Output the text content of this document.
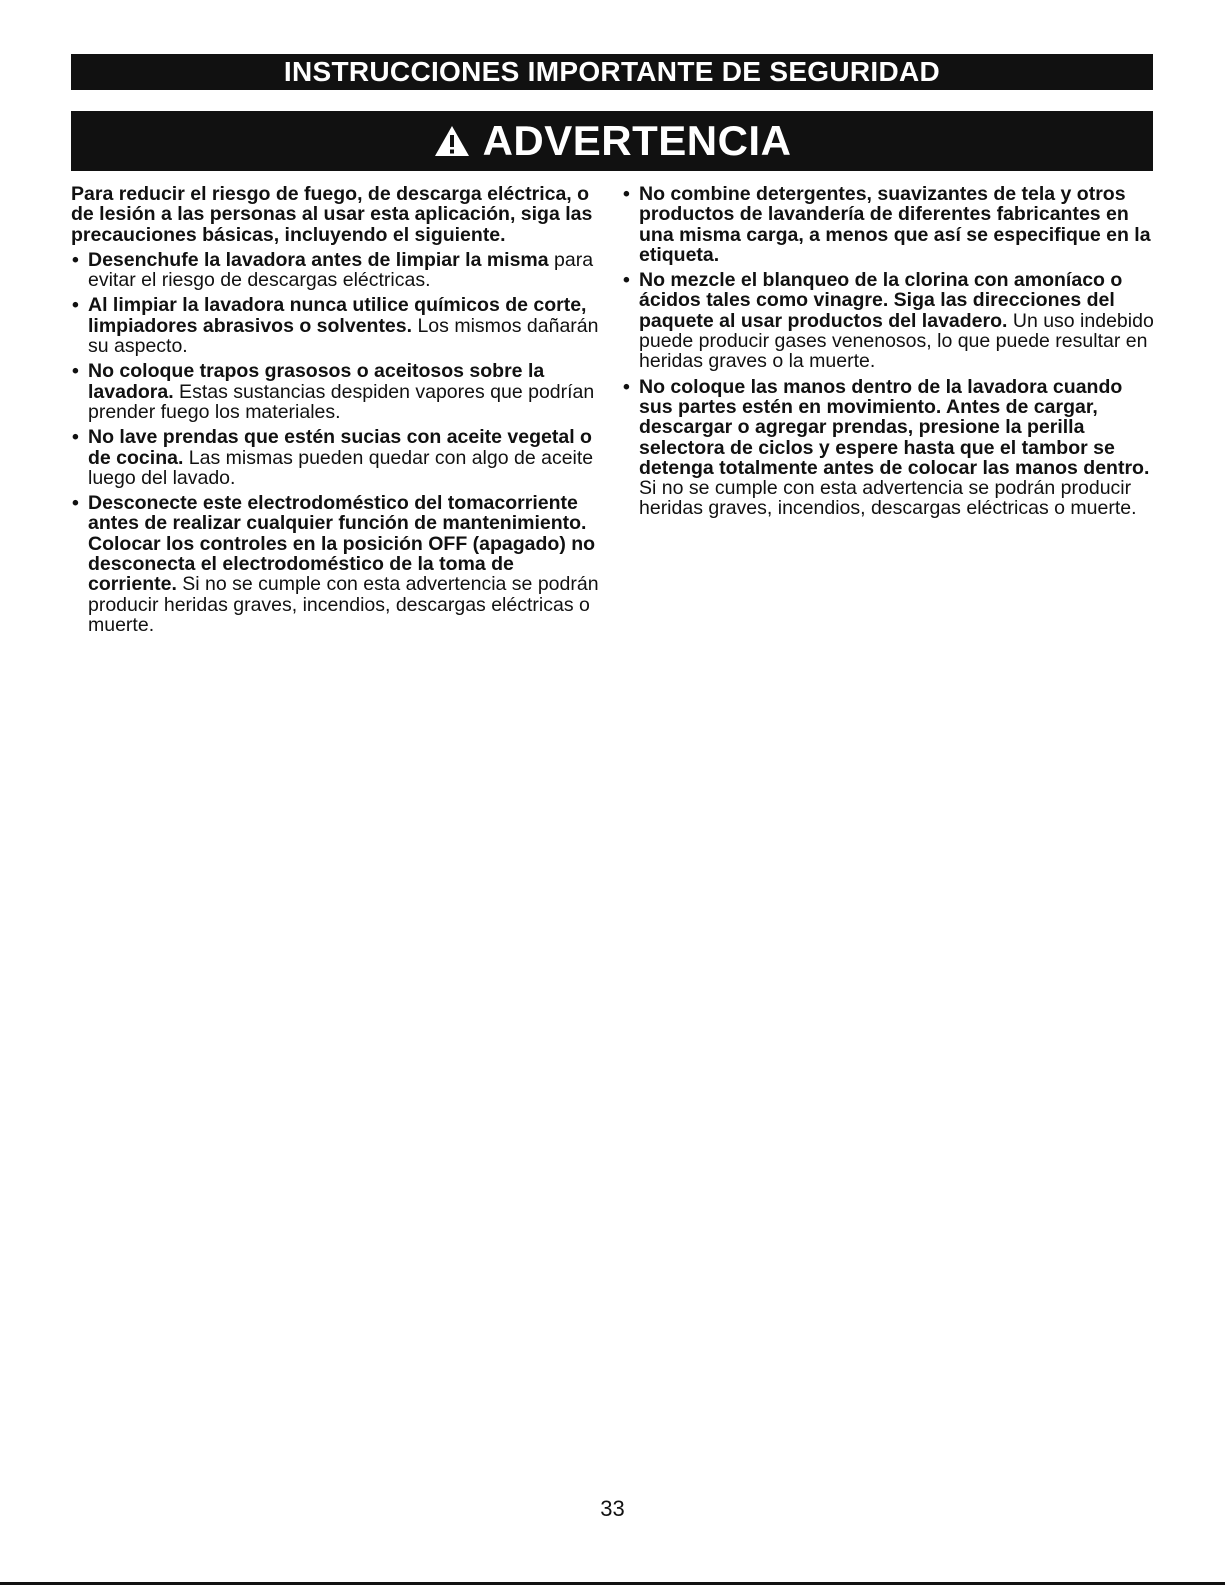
INSTRUCCIONES IMPORTANTE DE SEGURIDAD
ADVERTENCIA

Para reducir el riesgo de fuego, de descarga eléctrica, o de lesión a las personas al usar esta aplicación, siga las precauciones básicas, incluyendo el siguiente.

• Desenchufe la lavadora antes de limpiar la misma para evitar el riesgo de descargas eléctricas.
• Al limpiar la lavadora nunca utilice químicos de corte, limpiadores abrasivos o solventes. Los mismos dañarán su aspecto.
• No coloque trapos grasosos o aceitosos sobre la lavadora. Estas sustancias despiden vapores que podrían prender fuego los materiales.
• No lave prendas que estén sucias con aceite vegetal o de cocina. Las mismas pueden quedar con algo de aceite luego del lavado.
• Desconecte este electrodoméstico del tomacorriente antes de realizar cualquier función de mantenimiento. Colocar los controles en la posición OFF (apagado) no desconecta el electrodoméstico de la toma de corriente. Si no se cumple con esta advertencia se podrán producir heridas graves, incendios, descargas eléctricas o muerte.
• No combine detergentes, suavizantes de tela y otros productos de lavandería de diferentes fabricantes en una misma carga, a menos que así se especifique en la etiqueta.
• No mezcle el blanqueo de la clorina con amoníaco o ácidos tales como vinagre. Siga las direcciones del paquete al usar productos del lavadero. Un uso indebido puede producir gases venenosos, lo que puede resultar en heridas graves o la muerte.
• No coloque las manos dentro de la lavadora cuando sus partes estén en movimiento. Antes de cargar, descargar o agregar prendas, presione la perilla selectora de ciclos y espere hasta que el tambor se detenga totalmente antes de colocar las manos dentro. Si no se cumple con esta advertencia se podrán producir heridas graves, incendios, descargas eléctricas o muerte.
33
